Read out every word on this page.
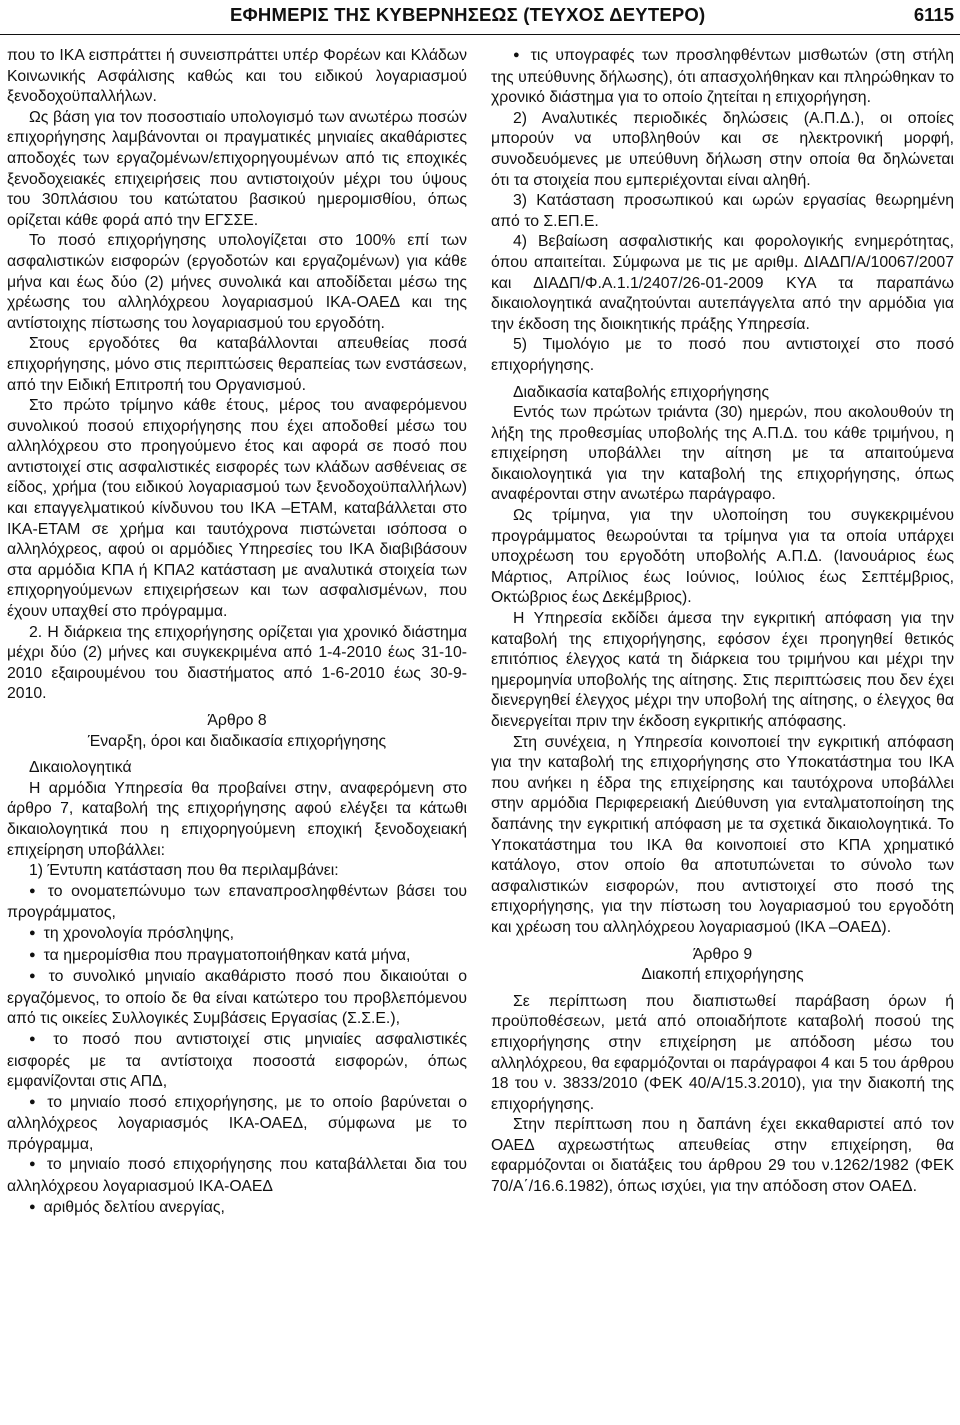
ΕΦΗΜΕΡΙΣ ΤΗΣ ΚΥΒΕΡΝΗΣΕΩΣ (ΤΕΥΧΟΣ ΔΕΥΤΕΡΟ)	6115

που το ΙΚΑ εισπράττει ή συνεισπράττει υπέρ Φορέων και Κλάδων Κοινωνικής Ασφάλισης καθώς και του ειδικού λογαριασμού ξενοδοχοϋπαλλήλων.

Ως βάση για τον ποσοστιαίο υπολογισμό των ανωτέρω ποσών επιχορήγησης λαμβάνονται οι πραγματικές μηνιαίες ακαθάριστες αποδοχές των εργαζομένων/επιχορηγουμένων από τις εποχικές ξενοδοχειακές επιχειρήσεις που αντιστοιχούν μέχρι του ύψους του 30πλάσιου του κατώτατου βασικού ημερομισθίου, όπως ορίζεται κάθε φορά από την ΕΓΣΣΕ.

Το ποσό επιχορήγησης υπολογίζεται στο 100% επί των ασφαλιστικών εισφορών (εργοδοτών και εργαζομένων) για κάθε μήνα και έως δύο (2) μήνες συνολικά και αποδίδεται μέσω της χρέωσης του αλληλόχρεου λογαριασμού ΙΚΑ-ΟΑΕΔ και της αντίστοιχης πίστωσης του λογαριασμού του εργοδότη.

Στους εργοδότες θα καταβάλλονται απευθείας ποσά επιχορήγησης, μόνο στις περιπτώσεις θεραπείας των ενστάσεων, από την Ειδική Επιτροπή του Οργανισμού.

Στο πρώτο τρίμηνο κάθε έτους, μέρος του αναφερόμενου συνολικού ποσού επιχορήγησης που έχει αποδοθεί μέσω του αλληλόχρεου στο προηγούμενο έτος και αφορά σε ποσό που αντιστοιχεί στις ασφαλιστικές εισφορές των κλάδων ασθένειας σε είδος, χρήμα (του ειδικού λογαριασμού των ξενοδοχοϋπαλλήλων) και επαγγελματικού κίνδυνου του ΙΚΑ –ΕΤΑΜ, καταβάλλεται στο ΙΚΑ-ΕΤΑΜ σε χρήμα και ταυτόχρονα πιστώνεται ισόποσα ο αλληλόχρεος, αφού οι αρμόδιες Υπηρεσίες του ΙΚΑ διαβιβάσουν στα αρμόδια ΚΠΑ ή ΚΠΑ2 κατάσταση με αναλυτικά στοιχεία των επιχορηγούμενων επιχειρήσεων και των ασφαλισμένων, που έχουν υπαχθεί στο πρόγραμμα.

2. Η διάρκεια της επιχορήγησης ορίζεται για χρονικό διάστημα μέχρι δύο (2) μήνες και συγκεκριμένα από 1-4-2010 έως 31-10-2010 εξαιρουμένου του διαστήματος από 1-6-2010 έως 30-9-2010.

Άρθρο 8

Έναρξη, όροι και διαδικασία επιχορήγησης

Δικαιολογητικά

Η αρμόδια Υπηρεσία θα προβαίνει στην, αναφερόμενη στο άρθρο 7, καταβολή της επιχορήγησης αφού ελέγξει τα κάτωθι δικαιολογητικά που η επιχορηγούμενη εποχική ξενοδοχειακή επιχείρηση υποβάλλει:

1) Έντυπη κατάσταση που θα περιλαμβάνει:

● το ονοματεπώνυμο των επαναπροσληφθέντων βάσει του προγράμματος,

● τη χρονολογία πρόσληψης,

● τα ημερομίσθια που πραγματοποιήθηκαν κατά μήνα,

● το συνολικό μηνιαίο ακαθάριστο ποσό που δικαιούται ο εργαζόμενος, το οποίο δε θα είναι κατώτερο του προβλεπόμενου από τις οικείες Συλλογικές Συμβάσεις Εργασίας (Σ.Σ.Ε.),

● το ποσό που αντιστοιχεί στις μηνιαίες ασφαλιστικές εισφορές με τα αντίστοιχα ποσοστά εισφορών, όπως εμφανίζονται στις ΑΠΔ,

● το μηνιαίο ποσό επιχορήγησης, με το οποίο βαρύνεται ο αλληλόχρεος λογαριασμός ΙΚΑ-ΟΑΕΔ, σύμφωνα με το πρόγραμμα,

● το μηνιαίο ποσό επιχορήγησης που καταβάλλεται δια του αλληλόχρεου λογαριασμού ΙΚΑ-ΟΑΕΔ

● αριθμός δελτίου ανεργίας,

● τις υπογραφές των προσληφθέντων μισθωτών (στη στήλη της υπεύθυνης δήλωσης), ότι απασχολήθηκαν και πληρώθηκαν το χρονικό διάστημα για το οποίο ζητείται η επιχορήγηση.

2) Αναλυτικές περιοδικές δηλώσεις (Α.Π.Δ.), οι οποίες μπορούν να υποβληθούν και σε ηλεκτρονική μορφή, συνοδευόμενες με υπεύθυνη δήλωση στην οποία θα δηλώνεται ότι τα στοιχεία που εμπεριέχονται είναι αληθή.

3) Κατάσταση προσωπικού και ωρών εργασίας θεωρημένη από το Σ.ΕΠ.Ε.

4) Βεβαίωση ασφαλιστικής και φορολογικής ενημερότητας, όπου απαιτείται. Σύμφωνα με τις με αριθμ. ΔΙΑΔΠ/Α/10067/2007 και ΔΙΑΔΠ/Φ.Α.1.1/2407/26-01-2009 ΚΥΑ τα παραπάνω δικαιολογητικά αναζητούνται αυτεπάγγελτα από την αρμόδια για την έκδοση της διοικητικής πράξης Υπηρεσία.

5) Τιμολόγιο με το ποσό που αντιστοιχεί στο ποσό επιχορήγησης.

Διαδικασία καταβολής επιχορήγησης

Εντός των πρώτων τριάντα (30) ημερών, που ακολουθούν τη λήξη της προθεσμίας υποβολής της Α.Π.Δ. του κάθε τριμήνου, η επιχείρηση υποβάλλει την αίτηση με τα απαιτούμενα δικαιολογητικά για την καταβολή της επιχορήγησης, όπως αναφέρονται στην ανωτέρω παράγραφο.

Ως τρίμηνα, για την υλοποίηση του συγκεκριμένου προγράμματος θεωρούνται τα τρίμηνα για τα οποία υπάρχει υποχρέωση του εργοδότη υποβολής Α.Π.Δ. (Ιανουάριος έως Μάρτιος, Απρίλιος έως Ιούνιος, Ιούλιος έως Σεπτέμβριος, Οκτώβριος έως Δεκέμβριος).

Η Υπηρεσία εκδίδει άμεσα την εγκριτική απόφαση για την καταβολή της επιχορήγησης, εφόσον έχει προηγηθεί θετικός επιτόπιος έλεγχος κατά τη διάρκεια του τριμήνου και μέχρι την ημερομηνία υποβολής της αίτησης. Στις περιπτώσεις που δεν έχει διενεργηθεί έλεγχος μέχρι την υποβολή της αίτησης, ο έλεγχος θα διενεργείται πριν την έκδοση εγκριτικής απόφασης.

Στη συνέχεια, η Υπηρεσία κοινοποιεί την εγκριτική απόφαση για την καταβολή της επιχορήγησης στο Υποκατάστημα του ΙΚΑ που ανήκει η έδρα της επιχείρησης και ταυτόχρονα υποβάλλει στην αρμόδια Περιφερειακή Διεύθυνση για ενταλματοποίηση της δαπάνης την εγκριτική απόφαση με τα σχετικά δικαιολογητικά. Το Υποκατάστημα του ΙΚΑ θα κοινοποιεί στο ΚΠΑ χρηματικό κατάλογο, στον οποίο θα αποτυπώνεται το σύνολο των ασφαλιστικών εισφορών, που αντιστοιχεί στο ποσό της επιχορήγησης, για την πίστωση του λογαριασμού του εργοδότη και χρέωση του αλληλόχρεου λογαριασμού (ΙΚΑ –ΟΑΕΔ).

Άρθρο 9

Διακοπή επιχορήγησης

Σε περίπτωση που διαπιστωθεί παράβαση όρων ή προϋποθέσεων, μετά από οποιαδήποτε καταβολή ποσού της επιχορήγησης στην επιχείρηση με απόδοση μέσω του αλληλόχρεου, θα εφαρμόζονται οι παράγραφοι 4 και 5 του άρθρου 18 του ν. 3833/2010 (ΦΕΚ 40/Α/15.3.2010), για την διακοπή της επιχορήγησης.

Στην περίπτωση που η δαπάνη έχει εκκαθαριστεί από τον ΟΑΕΔ αχρεωστήτως απευθείας στην επιχείρηση, θα εφαρμόζονται οι διατάξεις του άρθρου 29 του ν.1262/1982 (ΦΕΚ 70/Α΄/16.6.1982), όπως ισχύει, για την απόδοση στον ΟΑΕΔ.
